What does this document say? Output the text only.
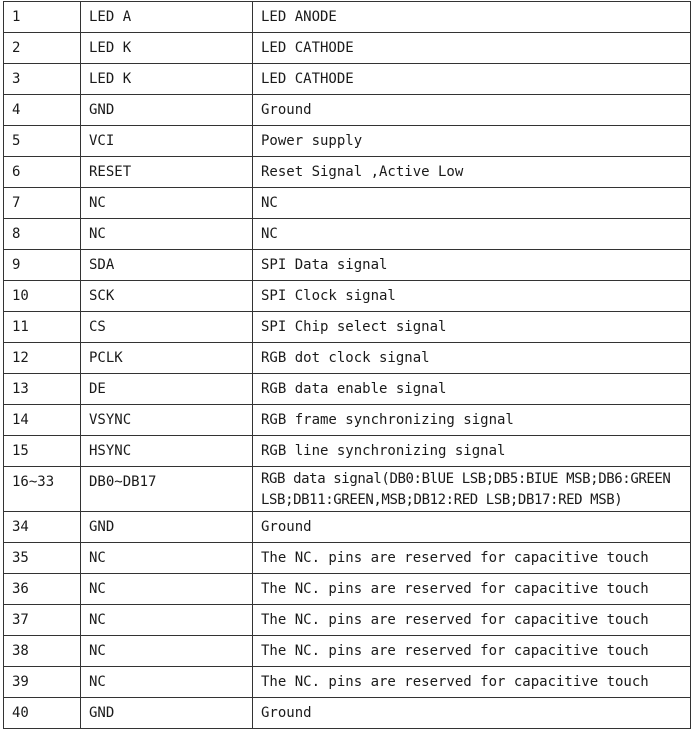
1	LED A	LED ANODE
2	LED K	LED CATHODE
3	LED K	LED CATHODE
4	GND	Ground
5	VCI	Power supply
6	RESET	Reset Signal ,Active Low
7	NC	NC
8	NC	NC
9	SDA	SPI Data signal
10	SCK	SPI Clock signal
11	CS	SPI Chip select signal
12	PCLK	RGB dot clock signal
13	DE	RGB data enable signal
14	VSYNC	RGB frame synchronizing signal
15	HSYNC	RGB line synchronizing signal
16~33	DB0~DB17	RGB data signal(DB0:BlUE LSB;DB5:BIUE MSB;DB6:GREEN LSB;DB11:GREEN,MSB;DB12:RED LSB;DB17:RED MSB)
34	GND	Ground
35	NC	The NC. pins are reserved for capacitive touch
36	NC	The NC. pins are reserved for capacitive touch
37	NC	The NC. pins are reserved for capacitive touch
38	NC	The NC. pins are reserved for capacitive touch
39	NC	The NC. pins are reserved for capacitive touch
40	GND	Ground
